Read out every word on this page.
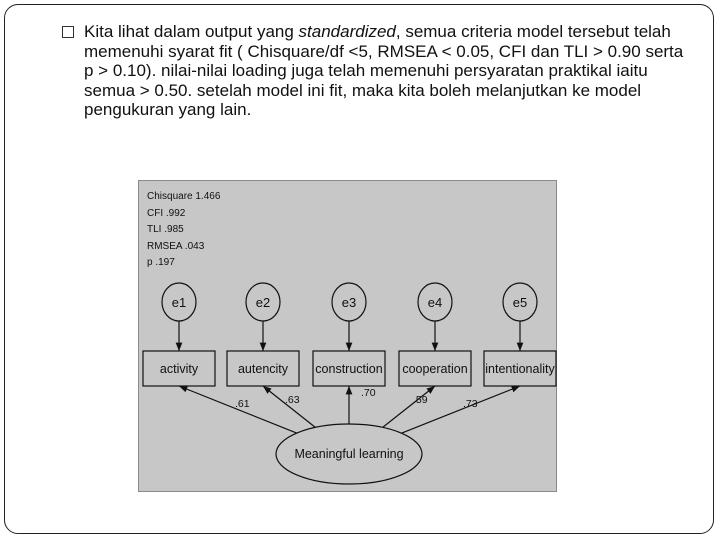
Kita lihat dalam output yang standardized, semua criteria model tersebut telah memenuhi syarat fit ( Chisquare/df <5, RMSEA < 0.05, CFI dan TLI > 0.90 serta p > 0.10). nilai-nilai loading juga telah memenuhi persyaratan praktikal iaitu semua > 0.50. setelah model ini fit, maka kita boleh melanjutkan ke model pengukuran yang lain.
Chisquare 1.466
CFI .992
TLI .985
RMSEA .043
p .197
e1	e2	e3	e4	e5
activity	autencity construction cooperation intentionality
.61	.63
.70
.59	.73
Meaningful learning
